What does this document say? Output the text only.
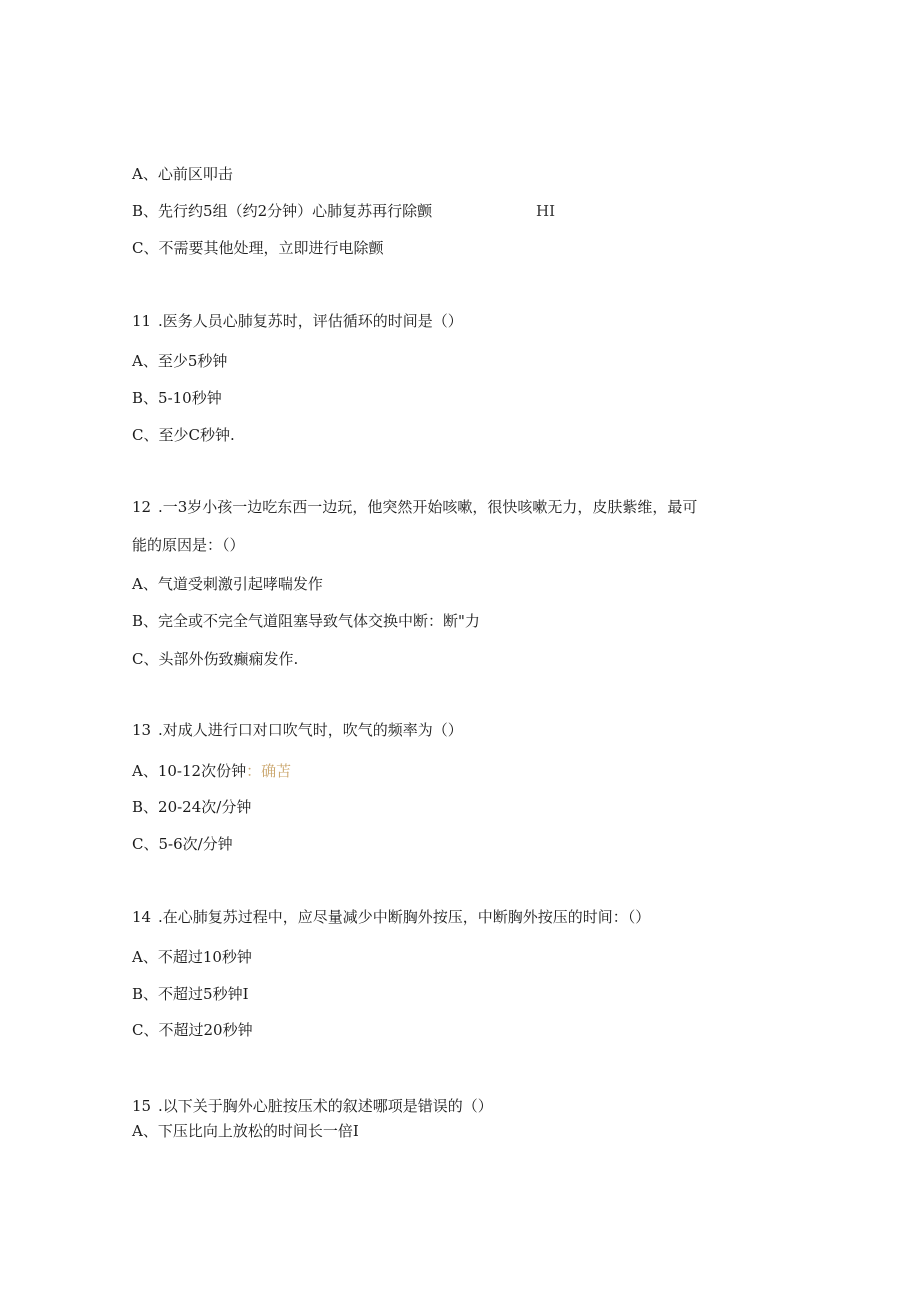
A、心前区叩击
B、先行约5组（约2分钟）心肺复苏再行除颤	HI
C、不需要其他处理，立即进行电除颤
11 .医务人员心肺复苏时，评估循环的时间是（）
A、至少5秒钟
B、5-10秒钟
C、至少C秒钟.
12 .一3岁小孩一边吃东西一边玩，他突然开始咳嗽，很快咳嗽无力，皮肤紫维，最可
能的原因是：（）
A、气道受刺激引起哮喘发作
B、完全或不完全气道阻塞导致气体交换中断：断"力
C、头部外伤致癫痫发作.
13 .对成人进行口对口吹气时，吹气的频率为（）
A、10-12次份钟：确苫
B、20-24次/分钟
C、5-6次/分钟
14 .在心肺复苏过程中，应尽量减少中断胸外按压，中断胸外按压的时间：（）
A、不超过10秒钟
B、不超过5秒钟I
C、不超过20秒钟
15 .以下关于胸外心脏按压术的叙述哪项是错误的（）
A、下压比向上放松的时间长一倍I
